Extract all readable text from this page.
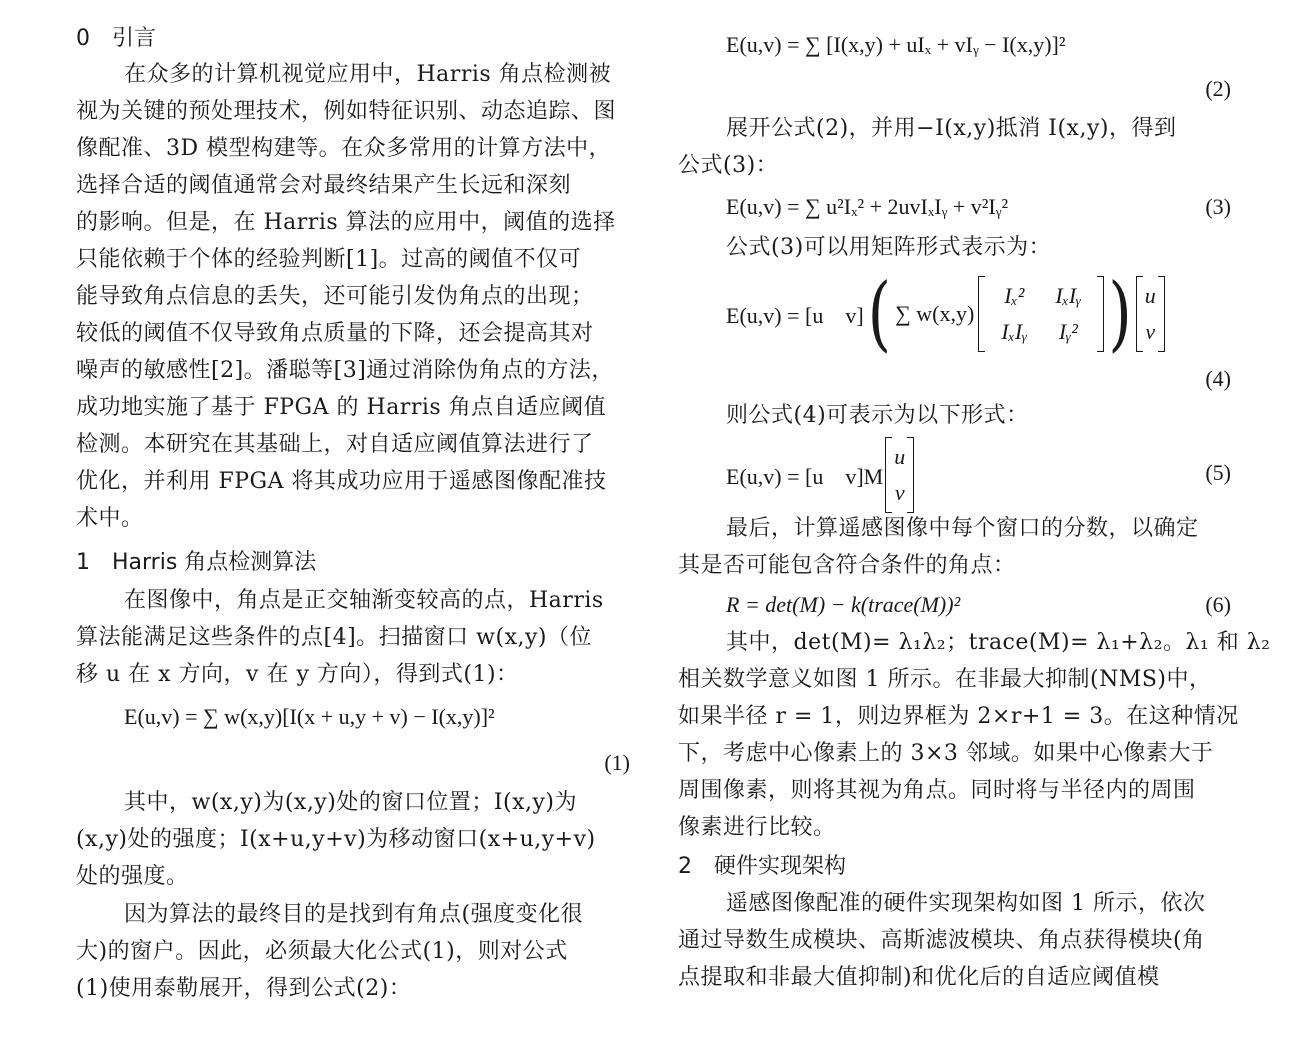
0　引言
在众多的计算机视觉应用中，Harris 角点检测被
视为关键的预处理技术，例如特征识别、动态追踪、图
像配准、3D 模型构建等。在众多常用的计算方法中，
选择合适的阈值通常会对最终结果产生长远和深刻
的影响。但是，在 Harris 算法的应用中，阈值的选择
只能依赖于个体的经验判断[1]。过高的阈值不仅可
能导致角点信息的丢失，还可能引发伪角点的出现；
较低的阈值不仅导致角点质量的下降，还会提高其对
噪声的敏感性[2]。潘聪等[3]通过消除伪角点的方法，
成功地实施了基于 FPGA 的 Harris 角点自适应阈值
检测。本研究在其基础上，对自适应阈值算法进行了
优化，并利用 FPGA 将其成功应用于遥感图像配准技
术中。
1　Harris 角点检测算法
在图像中，角点是正交轴渐变较高的点，Harris
算法能满足这些条件的点[4]。扫描窗口 w(x,y)（位
移 u 在 x 方向，v 在 y 方向），得到式(1)：
E(u,v) = ∑ w(x,y)[I(x + u,y + v) − I(x,y)]²
(1)
其中，w(x,y)为(x,y)处的窗口位置；I(x,y)为
(x,y)处的强度；I(x+u,y+v)为移动窗口(x+u,y+v)
处的强度。
因为算法的最终目的是找到有角点(强度变化很
大)的窗户。因此，必须最大化公式(1)，则对公式
(1)使用泰勒展开，得到公式(2)：
E(u,v) = ∑ [I(x,y) + uIₓ + vIᵧ − I(x,y)]²
(2)
展开公式(2)，并用−I(x,y)抵消 I(x,y)，得到
公式(3)：
E(u,v) = ∑ u²Iₓ² + 2uvIₓIᵧ + v²Iᵧ²	(3)
公式(3)可以用矩阵形式表示为：
E(u,v) = [u　v] ( ∑ w(x,y)
Iₓ² IₓIᵧ
IₓIᵧ Iᵧ² ) u
v
(4)
则公式(4)可表示为以下形式：
E(u,v) = [u　v]M
u
v
(5)
最后，计算遥感图像中每个窗口的分数，以确定
其是否可能包含符合条件的角点：
R = det(M) − k(trace(M))²	(6)
其中，det(M)= λ₁λ₂；trace(M)= λ₁+λ₂。λ₁ 和 λ₂
相关数学意义如图 1 所示。在非最大抑制(NMS)中，
如果半径 r = 1，则边界框为 2×r+1 = 3。在这种情况
下，考虑中心像素上的 3×3 邻域。如果中心像素大于
周围像素，则将其视为角点。同时将与半径内的周围
像素进行比较。
2　硬件实现架构
遥感图像配准的硬件实现架构如图 1 所示，依次
通过导数生成模块、高斯滤波模块、角点获得模块(角
点提取和非最大值抑制)和优化后的自适应阈值模
